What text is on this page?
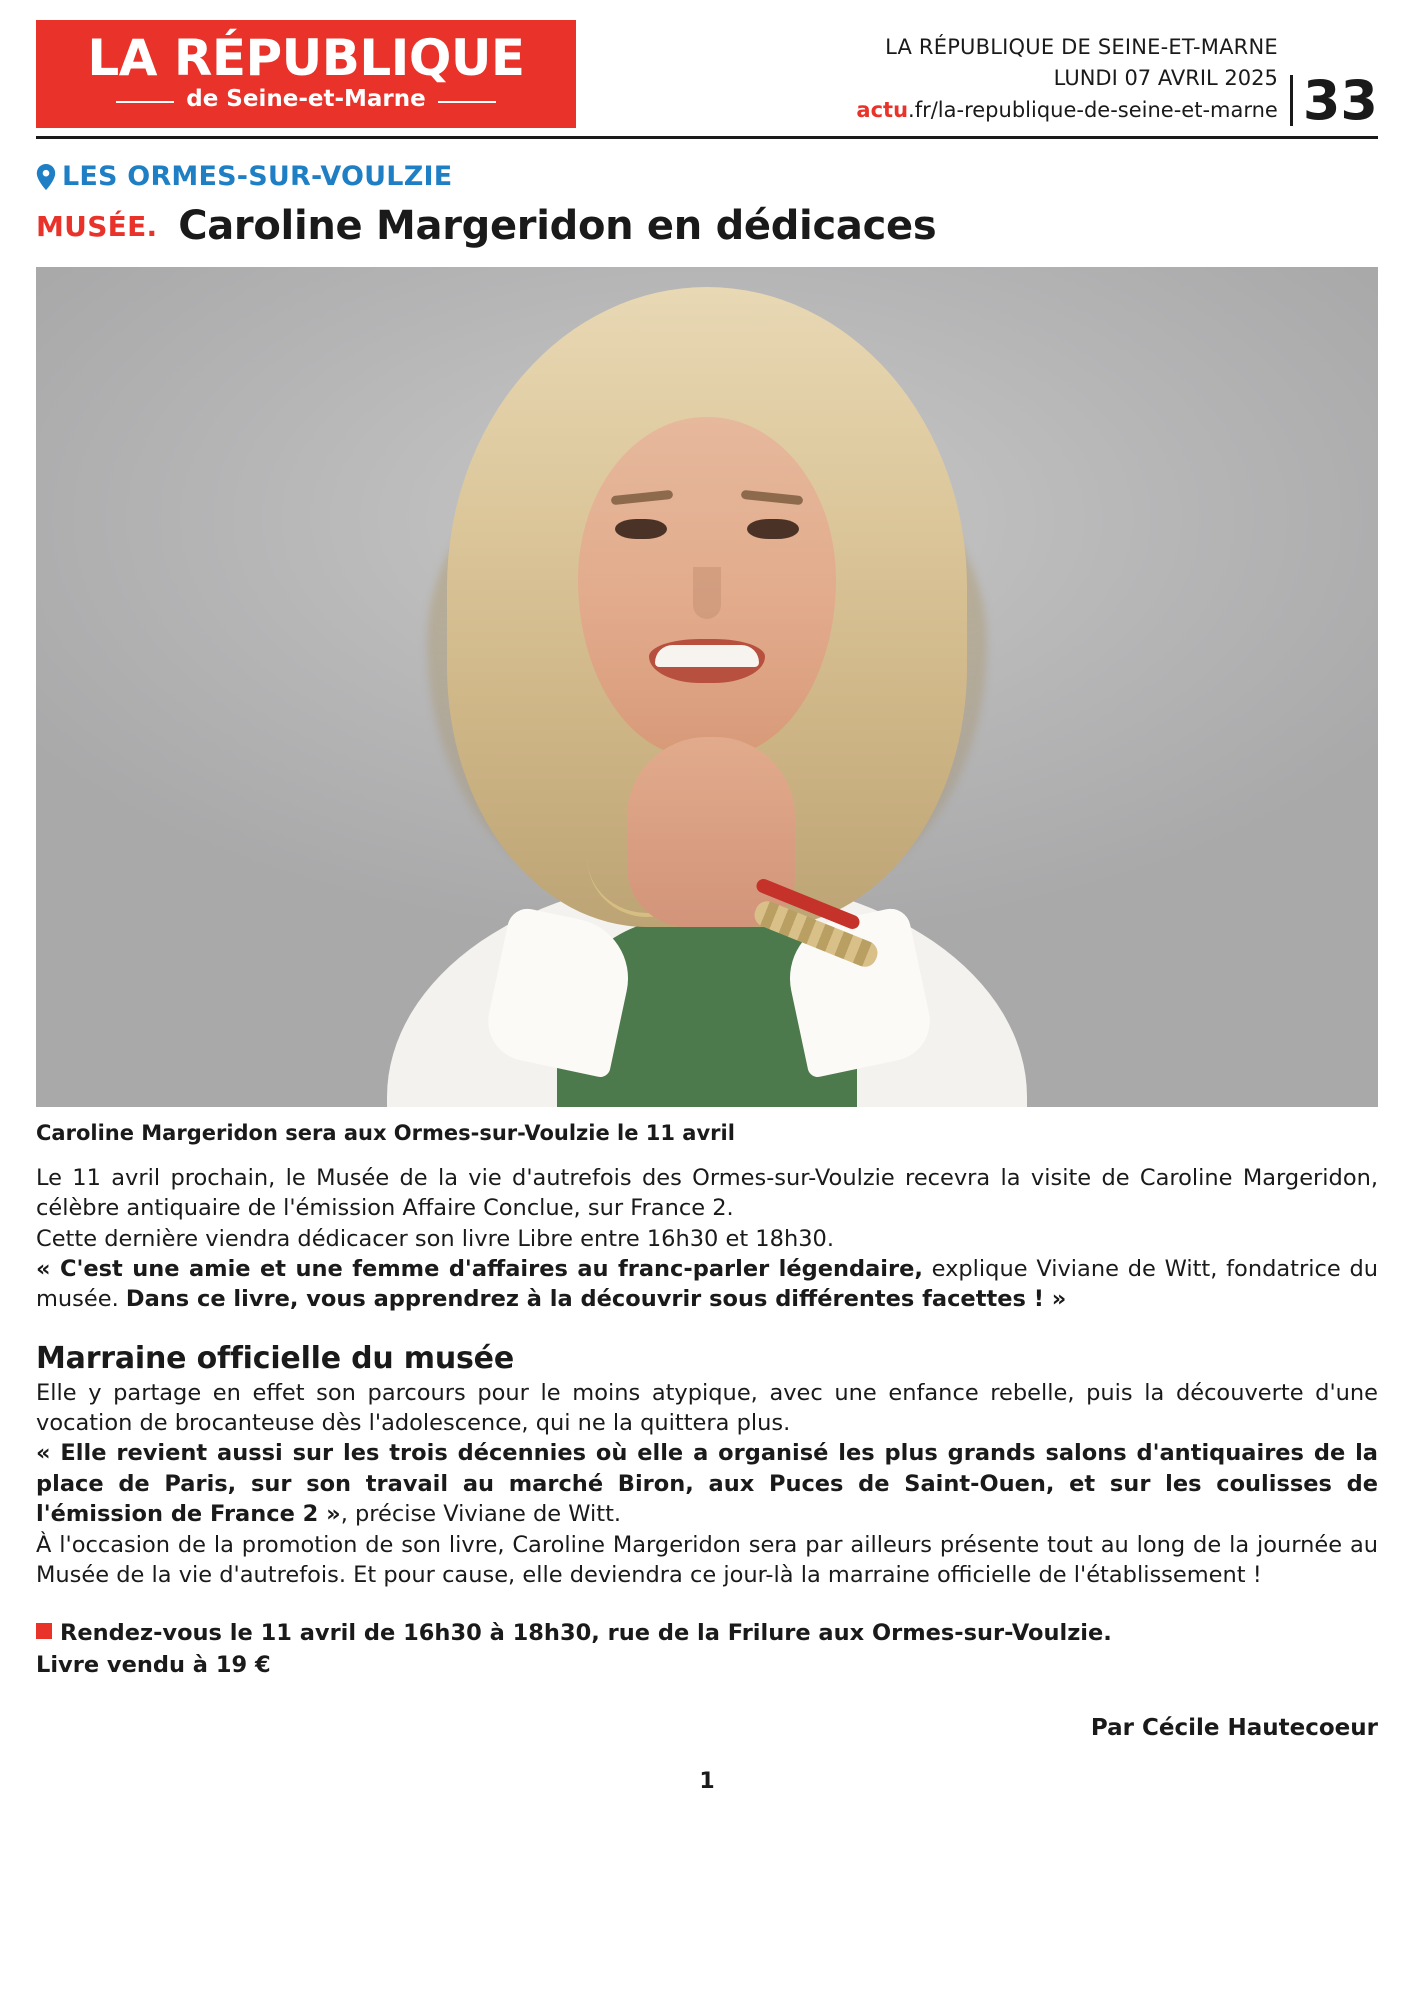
LA RÉPUBLIQUE
de Seine-et-Marne
LA RÉPUBLIQUE DE SEINE-ET-MARNE
LUNDI 07 AVRIL 2025
actu.fr/la-republique-de-seine-et-marne 33
LES ORMES-SUR-VOULZIE
MUSÉE. Caroline Margeridon en dédicaces
Caroline Margeridon sera aux Ormes-sur-Voulzie le 11 avril

Le 11 avril prochain, le Musée de la vie d'autrefois des Ormes-sur-Voulzie recevra la visite de Caroline Margeridon, célèbre antiquaire de l'émission Affaire Conclue, sur France 2.

Cette dernière viendra dédicacer son livre Libre entre 16h30 et 18h30.

« C'est une amie et une femme d'affaires au franc-parler légendaire, explique Viviane de Witt, fondatrice du musée. Dans ce livre, vous apprendrez à la découvrir sous différentes facettes ! »

Marraine officielle du musée

Elle y partage en effet son parcours pour le moins atypique, avec une enfance rebelle, puis la découverte d'une vocation de brocanteuse dès l'adolescence, qui ne la quittera plus.

« Elle revient aussi sur les trois décennies où elle a organisé les plus grands salons d'antiquaires de la place de Paris, sur son travail au marché Biron, aux Puces de Saint-Ouen, et sur les coulisses de l'émission de France 2 », précise Viviane de Witt.

À l'occasion de la promotion de son livre, Caroline Margeridon sera par ailleurs présente tout au long de la journée au Musée de la vie d'autrefois. Et pour cause, elle deviendra ce jour-là la marraine officielle de l'établissement !

Rendez-vous le 11 avril de 16h30 à 18h30, rue de la Frilure aux Ormes-sur-Voulzie.
Livre vendu à 19 €
Par Cécile Hautecoeur
1
